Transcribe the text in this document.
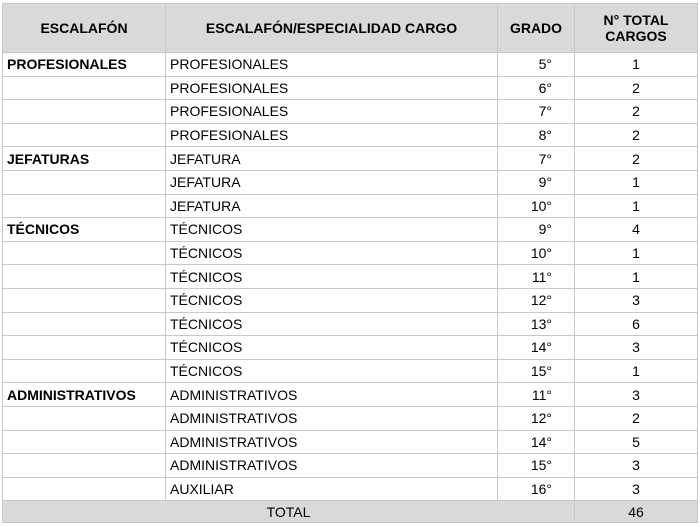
ESCALAFÓN	ESCALAFÓN/ESPECIALIDAD CARGO	GRADO	N° TOTAL CARGOS
PROFESIONALES	PROFESIONALES	5°	1
	PROFESIONALES	6°	2
	PROFESIONALES	7°	2
	PROFESIONALES	8°	2
JEFATURAS	JEFATURA	7°	2
	JEFATURA	9°	1
	JEFATURA	10°	1
TÉCNICOS	TÉCNICOS	9°	4
	TÉCNICOS	10°	1
	TÉCNICOS	11°	1
	TÉCNICOS	12°	3
	TÉCNICOS	13°	6
	TÉCNICOS	14°	3
	TÉCNICOS	15°	1
ADMINISTRATIVOS	ADMINISTRATIVOS	11°	3
	ADMINISTRATIVOS	12°	2
	ADMINISTRATIVOS	14°	5
	ADMINISTRATIVOS	15°	3
	AUXILIAR	16°	3
TOTAL			46
